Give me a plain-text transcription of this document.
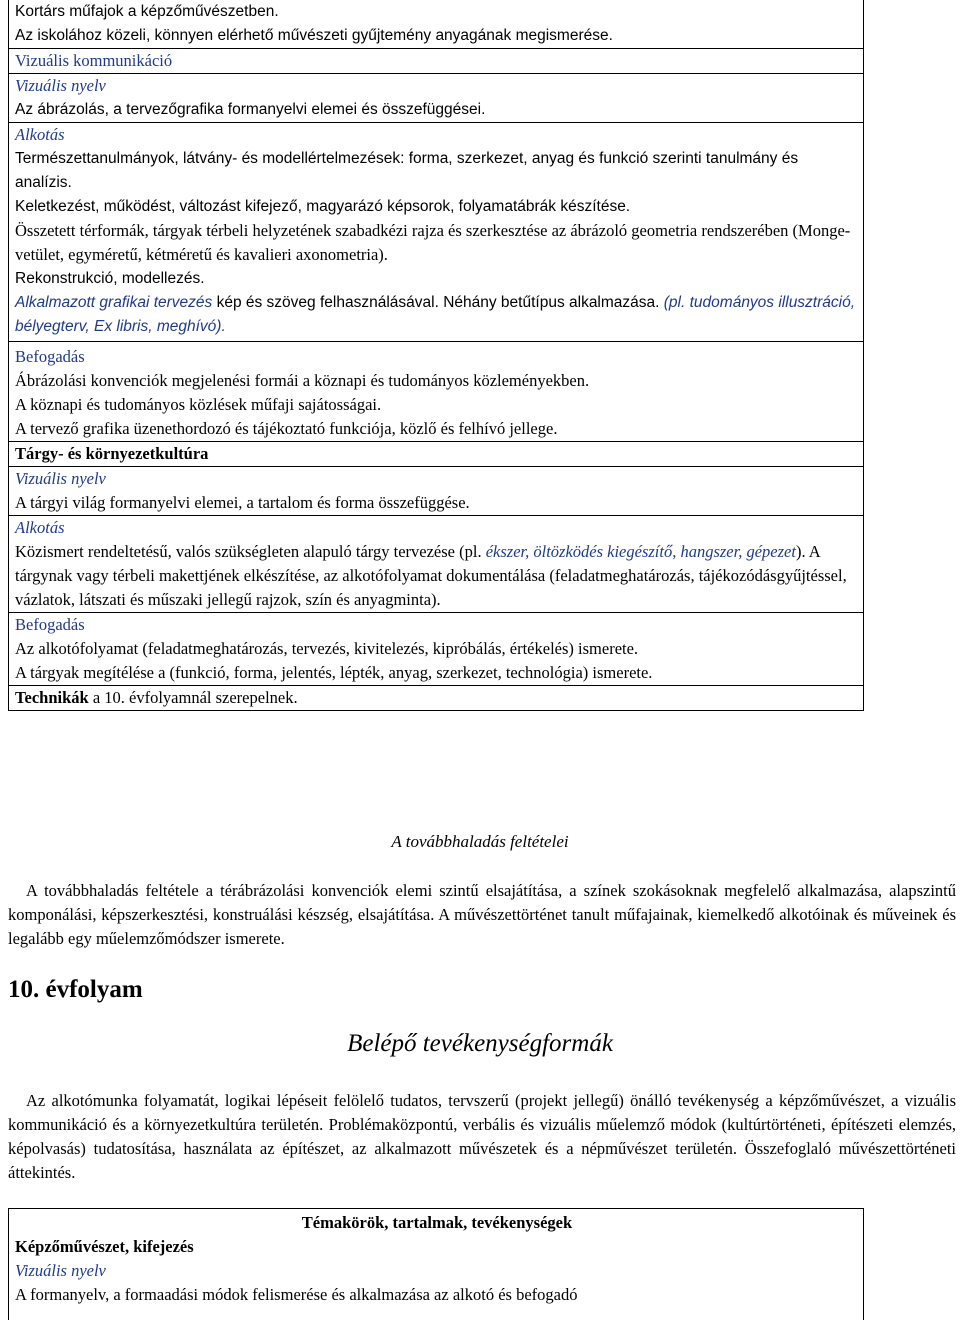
Kortárs műfajok a képzőművészetben.
Az iskolához közeli, könnyen elérhető művészeti gyűjtemény anyagának megismerése.
Vizuális kommunikáció
Vizuális nyelv
Az ábrázolás, a tervezőgrafika formanyelvi elemei és összefüggései.
Alkotás
Természettanulmányok, látvány- és modellértelmezések: forma, szerkezet, anyag és funkció szerinti tanulmány és analízis.
Keletkezést, működést, változást kifejező, magyarázó képsorok, folyamatábrák készítése.
Összetett térformák, tárgyak térbeli helyzetének szabadkézi rajza és szerkesztése az ábrázoló geometria rendszerében (Monge-vetület, egyméretű, kétméretű és kavalieri axonometria).
Rekonstrukció, modellezés.
Alkalmazott grafikai tervezés kép és szöveg felhasználásával. Néhány betűtípus alkalmazása. (pl. tudományos illusztráció, bélyegterv, Ex libris, meghívó).
Befogadás
Ábrázolási konvenciók megjelenési formái a köznapi és tudományos közleményekben.
A köznapi és tudományos közlések műfaji sajátosságai.
A tervező grafika üzenethordozó és tájékoztató funkciója, közlő és felhívó jellege.
Tárgy- és környezetkultúra
Vizuális nyelv
A tárgyi világ formanyelvi elemei, a tartalom és forma összefüggése.
Alkotás
Közismert rendeltetésű, valós szükségleten alapuló tárgy tervezése (pl. ékszer, öltözködés kiegészítő, hangszer, gépezet). A tárgynak vagy térbeli makettjének elkészítése, az alkotófolyamat dokumentálása (feladatmeghatározás, tájékozódásgyűjtéssel, vázlatok, látszati és műszaki jellegű rajzok, szín és anyagminta).
Befogadás
Az alkotófolyamat (feladatmeghatározás, tervezés, kivitelezés, kipróbálás, értékelés) ismerete.
A tárgyak megítélése a (funkció, forma, jelentés, lépték, anyag, szerkezet, technológia) ismerete.
Technikák a 10. évfolyamnál szerepelnek.
A továbbhaladás feltételei
A továbbhaladás feltétele a térábrázolási konvenciók elemi szintű elsajátítása, a színek szokásoknak megfelelő alkalmazása, alapszintű komponálási, képszerkesztési, konstruálási készség, elsajátítása. A művészettörténet tanult műfajainak, kiemelkedő alkotóinak és műveinek és legalább egy műelemzőmódszer ismerete.
10. évfolyam
Belépő tevékenységformák
Az alkotómunka folyamatát, logikai lépéseit felölelő tudatos, tervszerű (projekt jellegű) önálló tevékenység a képzőművészet, a vizuális kommunikáció és a környezetkultúra területén. Problémaközpontú, verbális és vizuális műelemző módok (kultúrtörténeti, építészeti elemzés, képolvasás) tudatosítása, használata az építészet, az alkalmazott művészetek és a népművészet területén. Összefoglaló művészettörténeti áttekintés.
Témakörök, tartalmak, tevékenységek
Képzőművészet, kifejezés
Vizuális nyelv
A formanyelv, a formaadási módok felismerése és alkalmazása az alkotó és befogadó
